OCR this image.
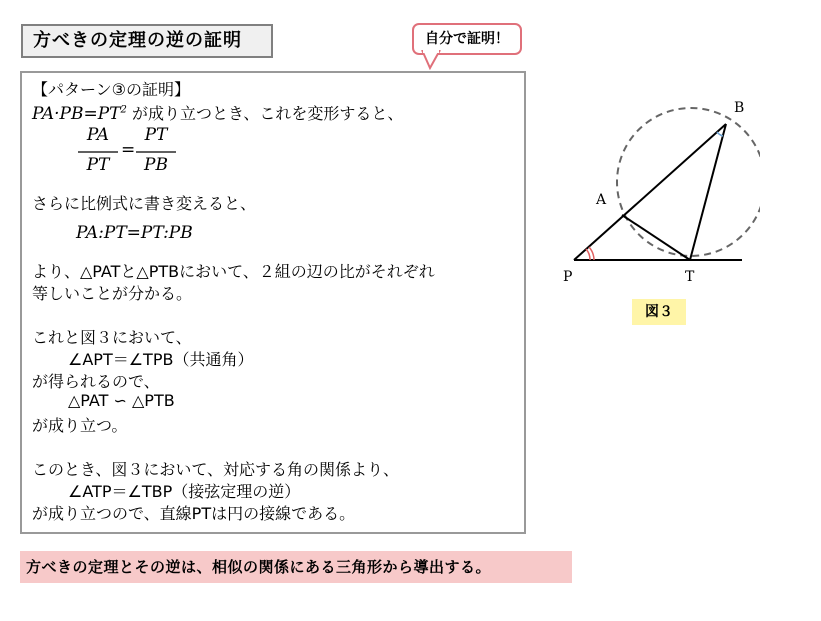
方べきの定理の逆の証明	自分で証明！
【パターン③の証明】
$PA\cdot PB=PT^2$ が成り立つとき、これを変形すると、
PA
PT
=
PT
PB
さらに比例式に書き変えると、
PA:PT=PT:PB
より、△PATと△PTBにおいて、２組の辺の比がそれぞれ
等しいことが分かる。
これと図３において、
∠APT＝∠TPB（共通角）
が得られるので、
△PAT ∽ △PTB
が成り立つ。
このとき、図３において、対応する角の関係より、
∠ATP＝∠TBP（接弦定理の逆）
が成り立つので、直線PTは円の接線である。
B
A
P	T
図３
方べきの定理とその逆は、相似の関係にある三角形から導出する。
